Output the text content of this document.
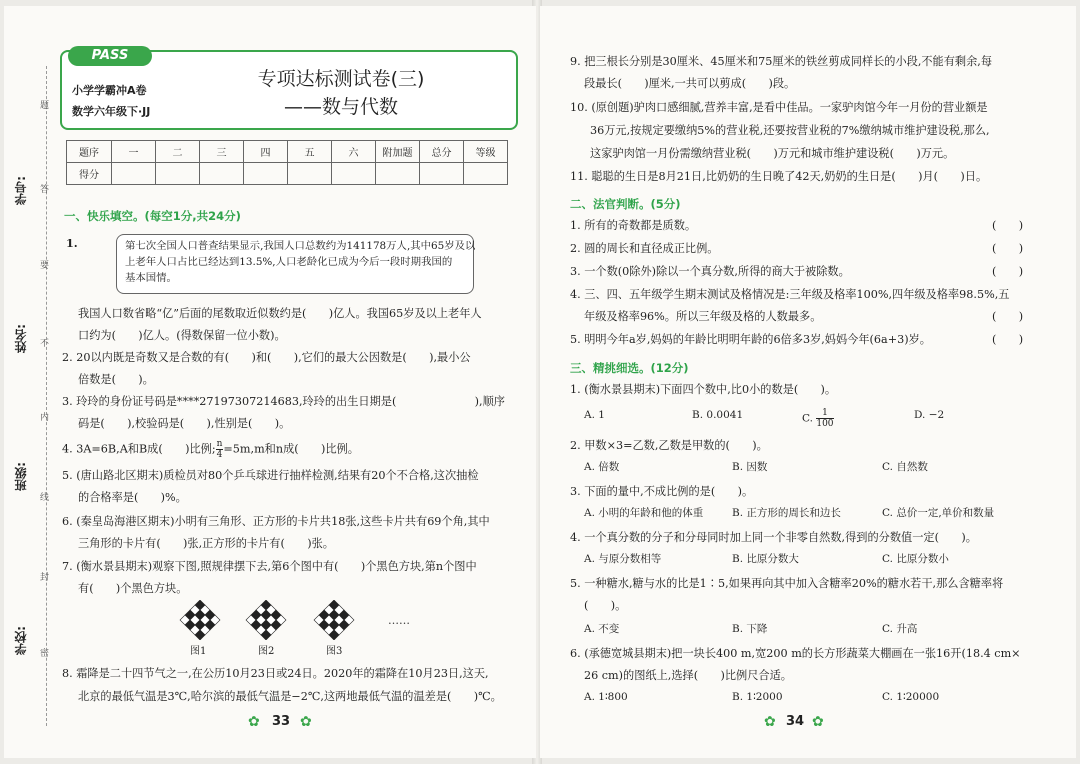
学号:
姓名:
班级:
学校:
题
答
要
不
内
线
封
密
PASS
小学学霸冲A卷
数学六年级下·JJ
专项达标测试卷(三)
——数与代数
题序	一	二	三	四	五	六	附加题	总分	等级
得分									
一、快乐填空。(每空1分,共24分)
1.	第七次全国人口普查结果显示,我国人口总数约为141178万人,其中65岁及以
上老年人口占比已经达到13.5%,人口老龄化已成为今后一段时期我国的
基本国情。
我国人口数省略“亿”后面的尾数取近似数约是(　　)亿人。我国65岁及以上老年人
口约为(　　)亿人。(得数保留一位小数)。
2. 20以内既是奇数又是合数的有(　　)和(　　),它们的最大公因数是(　　),最小公
倍数是(　　)。
3. 玲玲的身份证号码是****27197307214683,玲玲的出生日期是(　　　　　　　),顺序
码是(　　),校验码是(　　),性别是(　　)。
4. 3A=6B,A和B成(　　)比例; $\frac{n}{4} =5m,m$和n成(　　)比例。
5. (唐山路北区期末)质检员对80个乒乓球进行抽样检测,结果有20个不合格,这次抽检
的合格率是(　　)%。
6. (秦皇岛海港区期末)小明有三角形、正方形的卡片共18张,这些卡片共有69个角,其中
三角形的卡片有(　　)张,正方形的卡片有(　　)张。
7. (衡水景县期末)观察下图,照规律摆下去,第6个图中有(　　)个黑色方块,第n个图中
有(　　)个黑色方块。
……
图1	图2	图3
8. 霜降是二十四节气之一,在公历10月23日或24日。2020年的霜降在10月23日,这天,
北京的最低气温是3℃,哈尔滨的最低气温是−2℃,这两地最低气温的温差是(　　)℃。
✿ 33 ✿
9. 把三根长分别是30厘米、45厘米和75厘米的铁丝剪成同样长的小段,不能有剩余,每
段最长(　　)厘米,一共可以剪成(　　)段。
10. (原创题)驴肉口感细腻,营养丰富,是看中佳品。一家驴肉馆今年一月份的营业额是
36万元,按规定要缴纳5%的营业税,还要按营业税的7%缴纳城市维护建设税,那么,
这家驴肉馆一月份需缴纳营业税(　　)万元和城市维护建设税(　　)万元。
11. 聪聪的生日是8月21日,比奶奶的生日晚了42天,奶奶的生日是(　　)月(　　)日。
二、法官判断。(5分)
1. 所有的奇数都是质数。	(　　)
2. 圆的周长和直径成正比例。	(　　)
3. 一个数(0除外)除以一个真分数,所得的商大于被除数。	(　　)
4. 三、四、五年级学生期末测试及格情况是:三年级及格率100%,四年级及格率98.5%,五
年级及格率96%。所以三年级及格的人数最多。	(　　)
5. 明明今年a岁,妈妈的年龄比明明年龄的6倍多3岁,妈妈今年(6a+3)岁。	(　　)
三、精挑细选。(12分)
1. (衡水景县期末)下面四个数中,比0小的数是(　　)。
A. 1	B. 0.0041	C. $\frac{1}{100}$	D. −2
2. 甲数×3=乙数,乙数是甲数的(　　)。
A. 倍数	B. 因数	C. 自然数
3. 下面的量中,不成比例的是(　　)。
A. 小明的年龄和他的体重	B. 正方形的周长和边长	C. 总价一定,单价和数量
4. 一个真分数的分子和分母同时加上同一个非零自然数,得到的分数值一定(　　)。
A. 与原分数相等	B. 比原分数大	C. 比原分数小
5. 一种糖水,糖与水的比是1∶5,如果再向其中加入含糖率20%的糖水若干,那么含糖率将
(　　)。
A. 不变	B. 下降	C. 升高
6. (承德宽城县期末)把一块长400 m,宽200 m的长方形蔬菜大棚画在一张16开(18.4 cm×
26 cm)的图纸上,选择(　　)比例尺合适。
A. 1∶800	B. 1∶2000	C. 1∶20000
✿ 34 ✿
